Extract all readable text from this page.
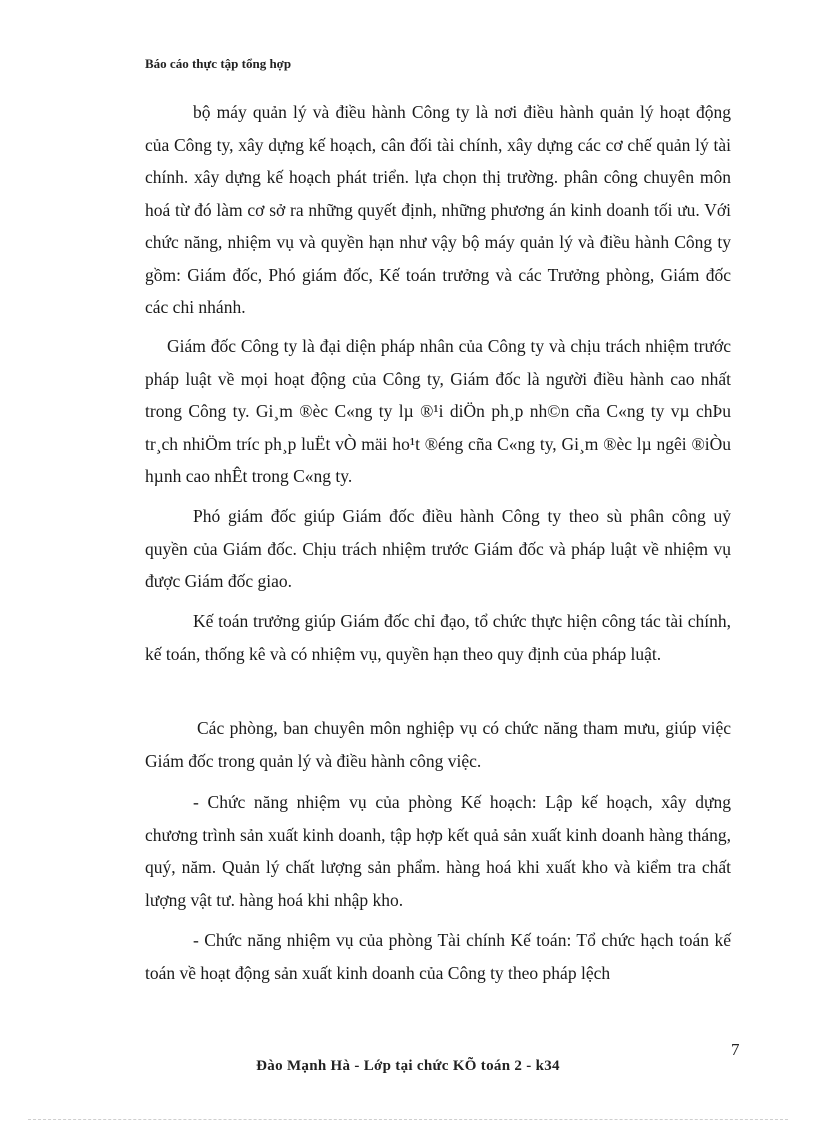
Báo cáo thực tập tổng hợp

bộ máy quản lý và điều hành Công ty là nơi điều hành quản lý hoạt động của Công ty, xây dựng kế hoạch, cân đối tài chính, xây dựng các cơ chế quản lý tài chính. xây dựng kế hoạch phát triển. lựa chọn thị trường. phân công chuyên môn hoá từ đó làm cơ sở ra những quyết định, những phương án kinh doanh tối ưu. Với chức năng, nhiệm vụ và quyền hạn như vậy bộ máy quản lý và điều hành Công ty gồm: Giám đốc, Phó giám đốc, Kế toán trưởng và các Trưởng phòng, Giám đốc các chi nhánh.

Giám đốc Công ty là đại diện pháp nhân của Công ty và chịu trách nhiệm trước pháp luật về mọi hoạt động của Công ty, Giám đốc là người điều hành cao nhất trong Công ty. Gi¸m ®èc C«ng ty lµ ®¹i diÖn ph¸p nh©n cña C«ng ty vµ chÞu tr¸ch nhiÖm tríc ph¸p luËt vÒ mäi ho¹t ®éng cña C«ng ty, Gi¸m ®èc lµ ngêi ®iÒu hµnh cao nhÊt trong C«ng ty.

Phó giám đốc giúp Giám đốc điều hành Công ty theo sù phân công uỷ quyền của Giám đốc. Chịu trách nhiệm trước Giám đốc và pháp luật về nhiệm vụ được Giám đốc giao.

Kế toán trưởng giúp Giám đốc chỉ đạo, tổ chức thực hiện công tác tài chính, kế toán, thống kê và có nhiệm vụ, quyền hạn theo quy định của pháp luật.

Các phòng, ban chuyên môn nghiệp vụ có chức năng tham mưu, giúp việc Giám đốc trong quản lý và điều hành công việc.

- Chức năng nhiệm vụ của phòng Kế hoạch: Lập kế hoạch, xây dựng chương trình sản xuất kinh doanh, tập hợp kết quả sản xuất kinh doanh hàng tháng, quý, năm. Quản lý chất lượng sản phẩm. hàng hoá khi xuất kho và kiểm tra chất lượng vật tư. hàng hoá khi nhập kho.

- Chức năng nhiệm vụ của phòng Tài chính Kế toán: Tổ chức hạch toán kế toán về hoạt động sản xuất kinh doanh của Công ty theo pháp lệch

7
Đào Mạnh Hà - Lớp tại chức KÕ toán 2 - k34
